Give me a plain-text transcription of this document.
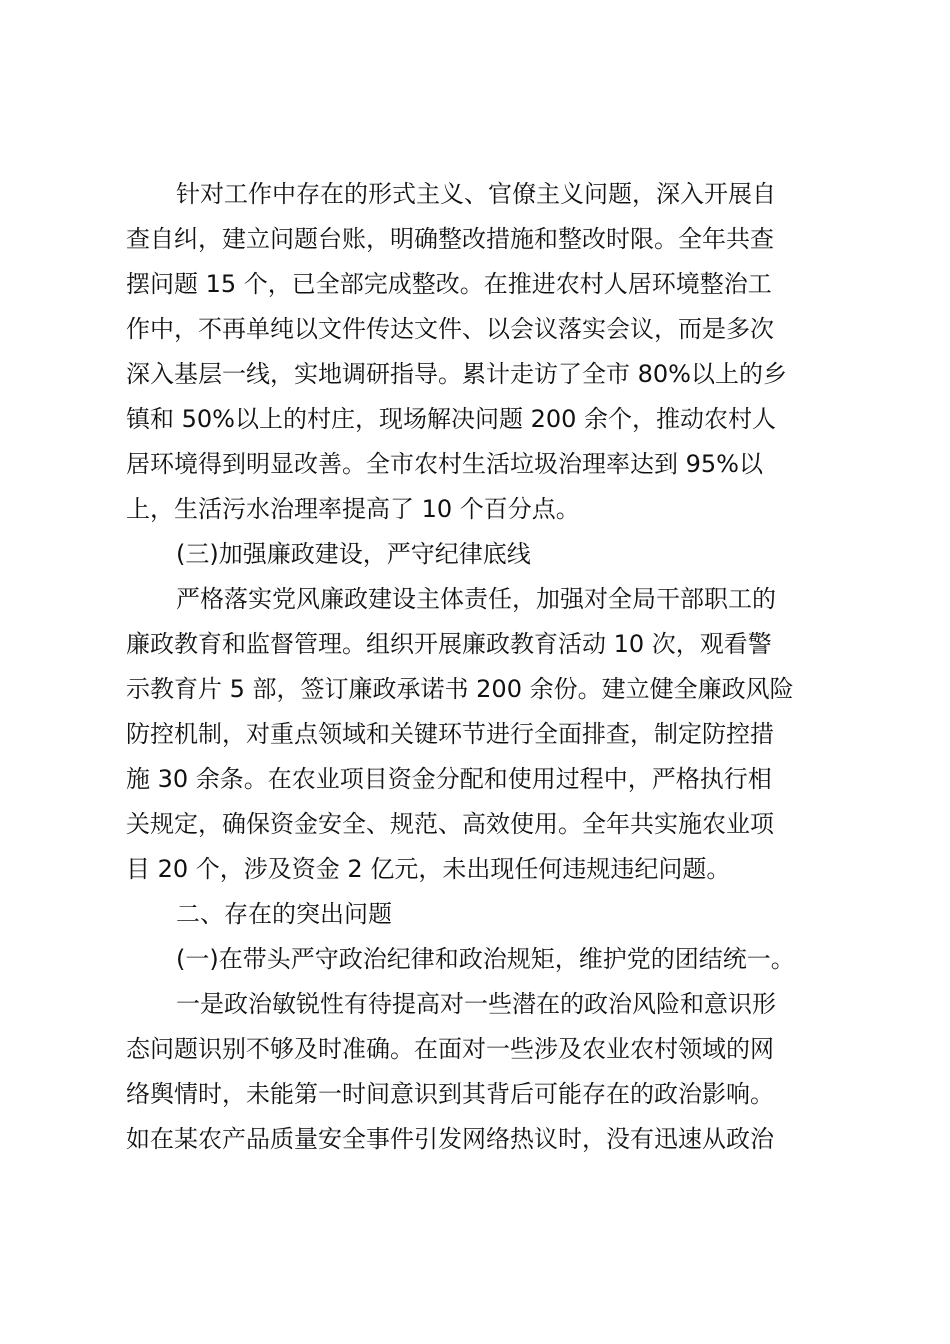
针对工作中存在的形式主义、官僚主义问题，深入开展自
查自纠，建立问题台账，明确整改措施和整改时限。全年共查
摆问题 15 个，已全部完成整改。在推进农村人居环境整治工
作中，不再单纯以文件传达文件、以会议落实会议，而是多次
深入基层一线，实地调研指导。累计走访了全市 80%以上的乡
镇和 50%以上的村庄，现场解决问题 200 余个，推动农村人
居环境得到明显改善。全市农村生活垃圾治理率达到 95%以
上，生活污水治理率提高了 10 个百分点。
(三)加强廉政建设，严守纪律底线
严格落实党风廉政建设主体责任，加强对全局干部职工的
廉政教育和监督管理。组织开展廉政教育活动 10 次，观看警
示教育片 5 部，签订廉政承诺书 200 余份。建立健全廉政风险
防控机制，对重点领域和关键环节进行全面排查，制定防控措
施 30 余条。在农业项目资金分配和使用过程中，严格执行相
关规定，确保资金安全、规范、高效使用。全年共实施农业项
目 20 个，涉及资金 2 亿元，未出现任何违规违纪问题。
二、存在的突出问题
(一)在带头严守政治纪律和政治规矩，维护党的团结统一。
一是政治敏锐性有待提高对一些潜在的政治风险和意识形
态问题识别不够及时准确。在面对一些涉及农业农村领域的网
络舆情时，未能第一时间意识到其背后可能存在的政治影响。
如在某农产品质量安全事件引发网络热议时，没有迅速从政治
